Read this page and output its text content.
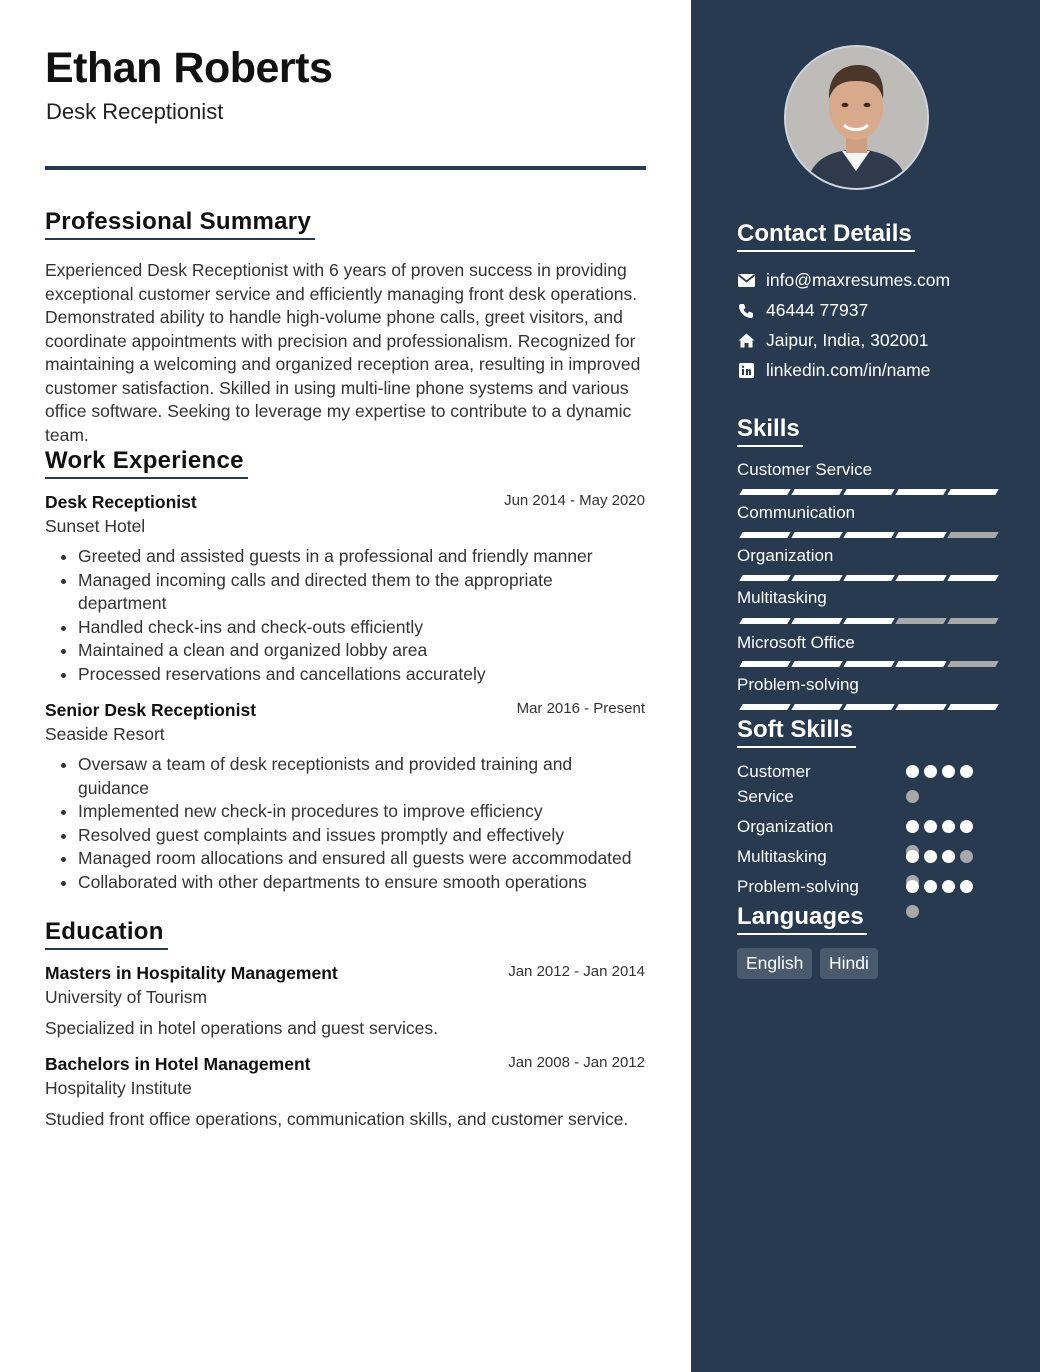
Ethan Roberts

Desk Receptionist

Professional Summary

Experienced Desk Receptionist with 6 years of proven success in providing exceptional customer service and efficiently managing front desk operations. Demonstrated ability to handle high-volume phone calls, greet visitors, and coordinate appointments with precision and professionalism. Recognized for maintaining a welcoming and organized reception area, resulting in improved customer satisfaction. Skilled in using multi-line phone systems and various office software. Seeking to leverage my expertise to contribute to a dynamic team.

Work Experience

Desk Receptionist	Jun 2014 - May 2020

Sunset Hotel

• Greeted and assisted guests in a professional and friendly manner
• Managed incoming calls and directed them to the appropriate department
• Handled check-ins and check-outs efficiently
• Maintained a clean and organized lobby area
• Processed reservations and cancellations accurately

Senior Desk Receptionist	Mar 2016 - Present

Seaside Resort

• Oversaw a team of desk receptionists and provided training and guidance
• Implemented new check-in procedures to improve efficiency
• Resolved guest complaints and issues promptly and effectively
• Managed room allocations and ensured all guests were accommodated
• Collaborated with other departments to ensure smooth operations
Education

Masters in Hospitality Management	Jan 2012 - Jan 2014

University of Tourism

Specialized in hotel operations and guest services.

Bachelors in Hotel Management	Jan 2008 - Jan 2012

Hospitality Institute

Studied front office operations, communication skills, and customer service.

Contact Details
info@maxresumes.com
46444 77937
Jaipur, India, 302001
linkedin.com/in/name
Skills

Customer Service

Communication

Organization

Multitasking

Microsoft Office

Problem-solving

Soft Skills

Customer Service

Organization

Multitasking

Problem-solving

Languages
English	Hindi
